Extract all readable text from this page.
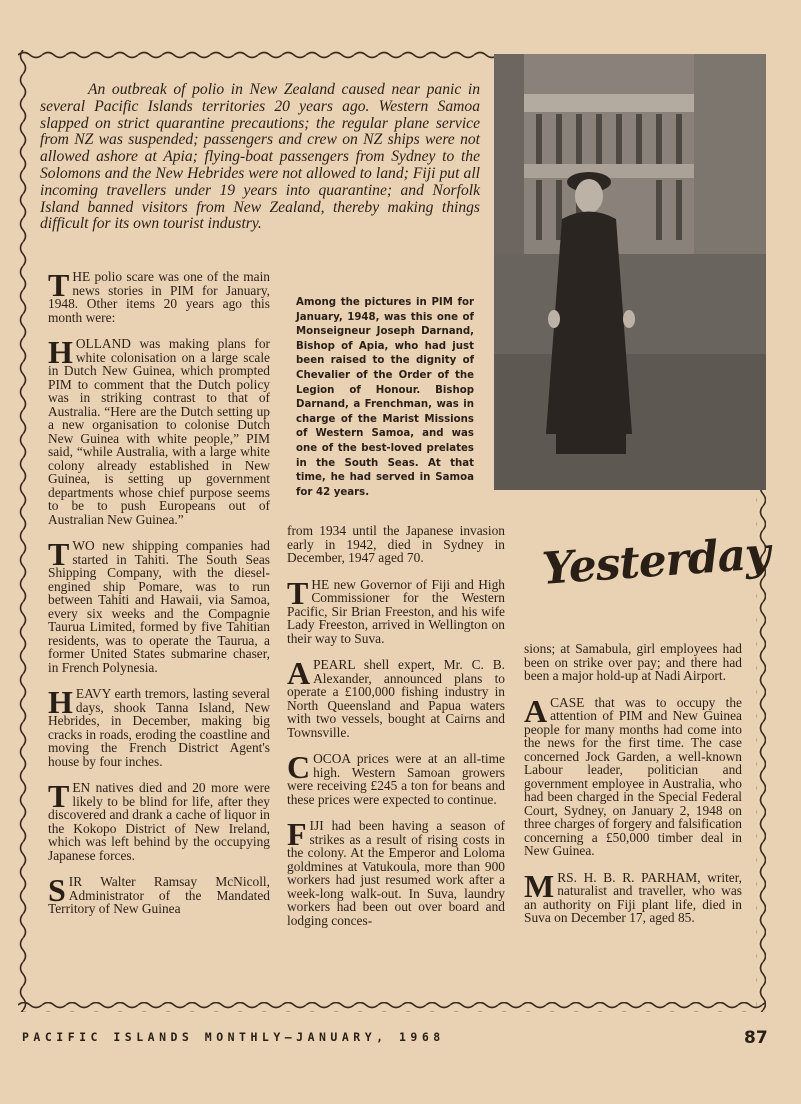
An outbreak of polio in New Zealand caused near panic in several Pacific Islands territories 20 years ago. Western Samoa slapped on strict quarantine precautions; the regular plane service from NZ was suspended; passengers and crew on NZ ships were not allowed ashore at Apia; flying-boat passengers from Sydney to the Solomons and the New Hebrides were not allowed to land; Fiji put all incoming travellers under 19 years into quarantine; and Norfolk Island banned visitors from New Zealand, thereby making things difficult for its own tourist industry.
Among the pictures in PIM for January, 1948, was this one of Monseigneur Joseph Darnand, Bishop of Apia, who had just been raised to the dignity of Chevalier of the Order of the Legion of Honour. Bishop Darnand, a Frenchman, was in charge of the Marist Missions of Western Samoa, and was one of the best-loved prelates in the South Seas. At that time, he had served in Samoa for 42 years.

THE polio scare was one of the main news stories in PIM for January, 1948. Other items 20 years ago this month were:

HOLLAND was making plans for white colonisation on a large scale in Dutch New Guinea, which prompted PIM to comment that the Dutch policy was in striking contrast to that of Australia. “Here are the Dutch setting up a new organisation to colonise Dutch New Guinea with white people,” PIM said, “while Australia, with a large white colony already established in New Guinea, is setting up government departments whose chief purpose seems to be to push Europeans out of Australian New Guinea.”

TWO new shipping companies had started in Tahiti. The South Seas Shipping Company, with the diesel-engined ship Pomare, was to run between Tahiti and Hawaii, via Samoa, every six weeks and the Compagnie Taurua Limited, formed by five Tahitian residents, was to operate the Taurua, a former United States submarine chaser, in French Polynesia.

HEAVY earth tremors, lasting several days, shook Tanna Island, New Hebrides, in December, making big cracks in roads, eroding the coastline and moving the French District Agent's house by four inches.

TEN natives died and 20 more were likely to be blind for life, after they discovered and drank a cache of liquor in the Kokopo District of New Ireland, which was left behind by the occupying Japanese forces.

SIR Walter Ramsay McNicoll, Administrator of the Mandated Territory of New Guinea

from 1934 until the Japanese invasion early in 1942, died in Sydney in December, 1947 aged 70.

THE new Governor of Fiji and High Commissioner for the Western Pacific, Sir Brian Freeston, and his wife Lady Freeston, arrived in Wellington on their way to Suva.

APEARL shell expert, Mr. C. B. Alexander, announced plans to operate a £100,000 fishing industry in North Queensland and Papua waters with two vessels, bought at Cairns and Townsville.

COCOA prices were at an all-time high. Western Samoan growers were receiving £245 a ton for beans and these prices were expected to continue.

FIJI had been having a season of strikes as a result of rising costs in the colony. At the Emperor and Loloma goldmines at Vatukoula, more than 900 workers had just resumed work after a week-long walk-out. In Suva, laundry workers had been out over board and lodging conces-

Yesterday

sions; at Samabula, girl employees had been on strike over pay; and there had been a major hold-up at Nadi Airport.

ACASE that was to occupy the attention of PIM and New Guinea people for many months had come into the news for the first time. The case concerned Jock Garden, a well-known Labour leader, politician and government employee in Australia, who had been charged in the Special Federal Court, Sydney, on January 2, 1948 on three charges of forgery and falsification concerning a £50,000 timber deal in New Guinea.

MRS. H. B. R. PARHAM, writer, naturalist and traveller, who was an authority on Fiji plant life, died in Suva on December 17, aged 85.

PACIFIC ISLANDS MONTHLY—JANUARY, 1968	87
